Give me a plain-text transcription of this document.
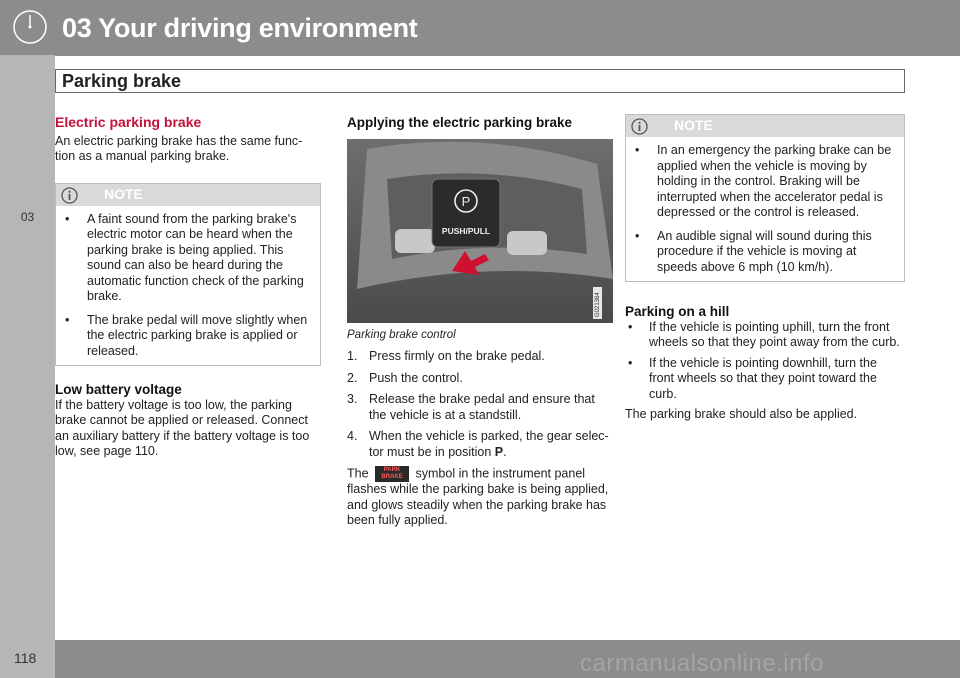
03 Your driving environment
03
Parking brake

Electric parking brake

An electric parking brake has the same func-tion as a manual parking brake.

NOTE
• A faint sound from the parking brake's electric motor can be heard when the parking brake is being applied. This sound can also be heard during the automatic function check of the parking brake.
• The brake pedal will move slightly when the electric parking brake is applied or released.

Low battery voltage

If the battery voltage is too low, the parking brake cannot be applied or released. Connect an auxiliary battery if the battery voltage is too low, see page 110.

Applying the electric parking brake

P
PUSH/PULL
G021364

Parking brake control

1. Press firmly on the brake pedal.
2. Push the control.
3. Release the brake pedal and ensure that the vehicle is at a standstill.
4. When the vehicle is parked, the gear selec-tor must be in position P.

The	PARK BRAKE symbol in the instrument panel flashes while the parking bake is being applied, and glows steadily when the parking brake has been fully applied.

NOTE
• In an emergency the parking brake can be applied when the vehicle is moving by holding in the control. Braking will be interrupted when the accelerator pedal is depressed or the control is released.
• An audible signal will sound during this procedure if the vehicle is moving at speeds above 6 mph (10 km/h).

Parking on a hill

• If the vehicle is pointing uphill, turn the front wheels so that they point away from the curb.
• If the vehicle is pointing downhill, turn the front wheels so that they point toward the curb.

The parking brake should also be applied.

118	carmanualsonline.info
